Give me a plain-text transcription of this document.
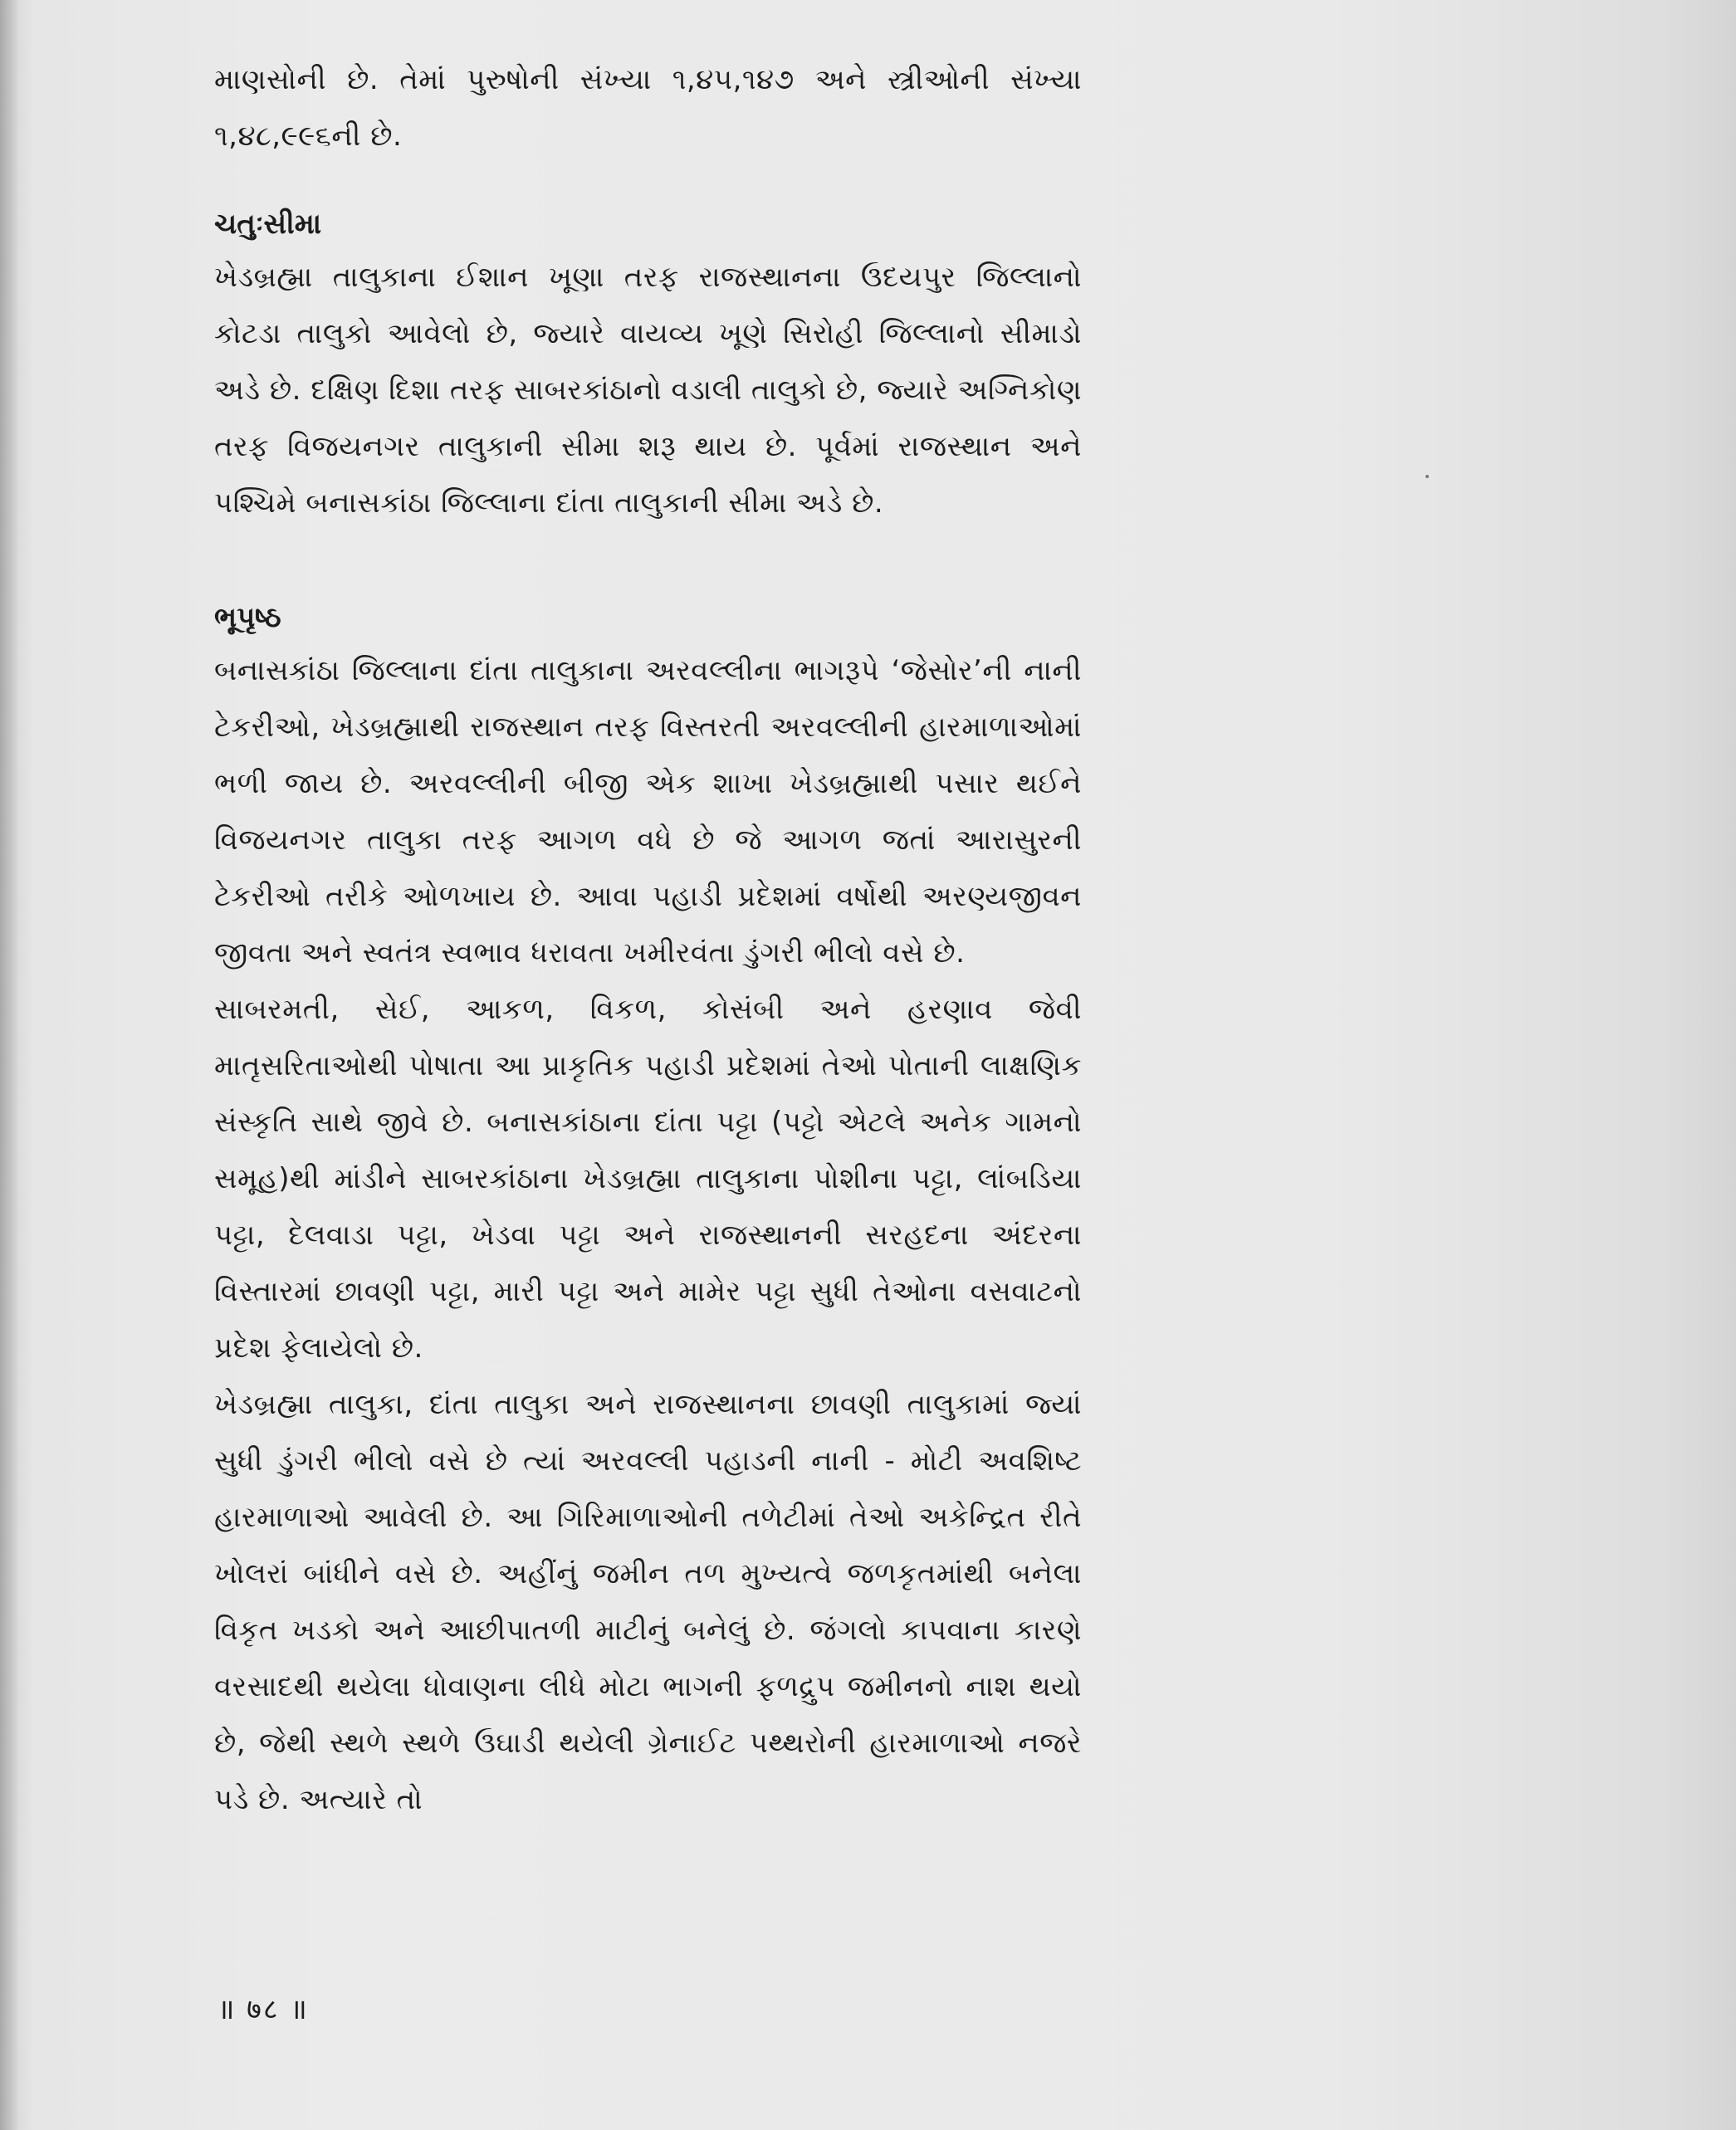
માણસોની છે. તેમાં પુરુષોની સંખ્યા ૧,૪૫,૧૪૭ અને સ્ત્રીઓની સંખ્યા ૧,૪૮,૯૯૬ની છે.

ચતુઃસીમા

ખેડબ્રહ્મા તાલુકાના ઈશાન ખૂણા તરફ રાજસ્થાનના ઉદયપુર જિલ્લાનો કોટડા તાલુકો આવેલો છે, જ્યારે વાયવ્ય ખૂણે સિરોહી જિલ્લાનો સીમાડો અડે છે. દક્ષિણ દિશા તરફ સાબરકાંઠાનો વડાલી તાલુકો છે, જ્યારે અગ્નિકોણ તરફ વિજયનગર તાલુકાની સીમા શરૂ થાય છે. પૂર્વમાં રાજસ્થાન અને પશ્ચિમે બનાસકાંઠા જિલ્લાના દાંતા તાલુકાની સીમા અડે છે.

ભૂપૃષ્ઠ

બનાસકાંઠા જિલ્લાના દાંતા તાલુકાના અરવલ્લીના ભાગરૂપે ‘જેસોર’ની નાની ટેકરીઓ, ખેડબ્રહ્માથી રાજસ્થાન તરફ વિસ્તરતી અરવલ્લીની હારમાળાઓમાં ભળી જાય છે. અરવલ્લીની બીજી એક શાખા ખેડબ્રહ્માથી પસાર થઈને વિજયનગર તાલુકા તરફ આગળ વધે છે જે આગળ જતાં આરાસુરની ટેકરીઓ તરીકે ઓળખાય છે. આવા પહાડી પ્રદેશમાં વર્ષોથી અરણ્યજીવન જીવતા અને સ્વતંત્ર સ્વભાવ ધરાવતા ખમીરવંતા ડુંગરી ભીલો વસે છે.

સાબરમતી, સેઈ, આકળ, વિકળ, કોસંબી અને હરણાવ જેવી માતૃસરિતાઓથી પોષાતા આ પ્રાકૃતિક પહાડી પ્રદેશમાં તેઓ પોતાની લાક્ષણિક સંસ્કૃતિ સાથે જીવે છે. બનાસકાંઠાના દાંતા પટ્ટા (પટ્ટો એટલે અનેક ગામનો સમૂહ)થી માંડીને સાબરકાંઠાના ખેડબ્રહ્મા તાલુકાના પોશીના પટ્ટા, લાંબડિયા પટ્ટા, દેલવાડા પટ્ટા, ખેડવા પટ્ટા અને રાજસ્થાનની સરહદના અંદરના વિસ્તારમાં છાવણી પટ્ટા, મારી પટ્ટા અને મામેર પટ્ટા સુધી તેઓના વસવાટનો પ્રદેશ ફેલાયેલો છે.

ખેડબ્રહ્મા તાલુકા, દાંતા તાલુકા અને રાજસ્થાનના છાવણી તાલુકામાં જ્યાં સુધી ડુંગરી ભીલો વસે છે ત્યાં અરવલ્લી પહાડની નાની - મોટી અવશિષ્ટ હારમાળાઓ આવેલી છે. આ ગિરિમાળાઓની તળેટીમાં તેઓ અકેન્દ્રિત રીતે ખોલરાં બાંધીને વસે છે. અહીંનું જમીન તળ મુખ્યત્વે જળકૃતમાંથી બનેલા વિકૃત ખડકો અને આછીપાતળી માટીનું બનેલું છે. જંગલો કાપવાના કારણે વરસાદથી થયેલા ધોવાણના લીધે મોટા ભાગની ફળદ્રુપ જમીનનો નાશ થયો છે, જેથી સ્થળે સ્થળે ઉઘાડી થયેલી ગ્રેનાઈટ પથ્થરોની હારમાળાઓ નજરે પડે છે. અત્યારે તો

॥ ७८ ॥
